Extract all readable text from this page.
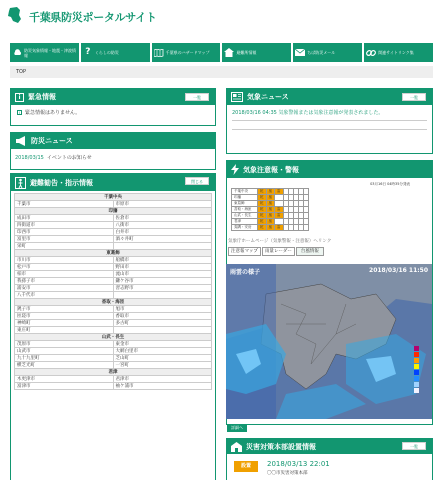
千葉県防災ポータルサイト
防災気象情報・地震・津波情報	?	くらしの防災	千葉県のハザードマップ	避難所情報	ちば防災メール	関連サイトリンク集
TOP
i	緊急情報	一覧
i 緊急情報はありません。
防災ニュース
2018/03/15 イベントのお知らせ
避難勧告・指示情報	閉じる
千葉中央	
千葉市	市原市
印旛	
成田市	佐倉市
四街道市	八街市
印西市	白井市
富里市	酒々井町
栄町	
東葛飾	
市川市	船橋市
松戸市	野田市
柏市	流山市
我孫子市	鎌ケ谷市
浦安市	習志野市
八千代市	
香取・海匝	
銚子市	旭市
匝瑳市	香取市
神崎町	多古町
東庄町	
山武・長生	
茂原市	東金市
山武市	大網白里市
九十九里町	芝山町
横芝光町	一宮町
君津	
木更津市	君津市
富津市	袖ケ浦市
気象ニュース	一覧
2018/03/16 04:35 気象警報または気象注意報が発表されました。
気象注意報・警報
03月16日 04時35分発表
千葉中央	乾	風	雷					
印旛	乾	風						
東葛飾	乾	風						
香取・海匝	乾	風	雷					
山武・長生	乾	風	雷					
君津	乾	風						
夷隅・安房	乾	風	雷					
気象庁ホームページ（気象警報・注意報）へリンク
注意報マップ	雨量レーダー	台風情報
雨雲の様子	2018/03/16 11:50
詳細へ
災害対策本部設置情報	一覧
設置	2018/03/13 22:01
〇〇市災害対策本部
